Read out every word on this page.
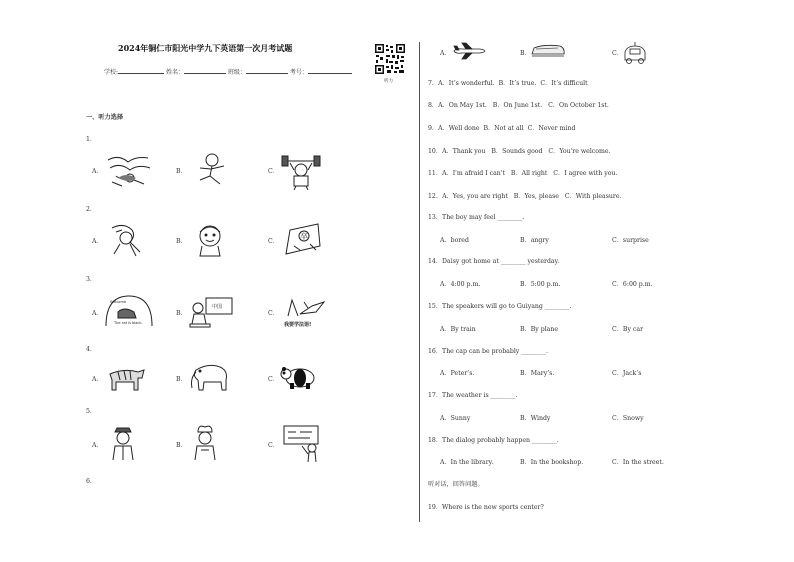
2024年铜仁市阳光中学九下英语第一次月考试题
学校:	姓名：	班级：	考号：
听力
一、听力选择
1．
A．	B．	C．
2．
A．	B．	C．
卒
3．
A．
Welcome
The cat is black.
B．
中国
C．
我要学法语!
4．
A．	B．	C．
5．
A．	B．	C．
6．
A．	B．	C．
7．A．It’s wonderful. B．It’s true. C．It’s difficult
8．A．On May 1st. B．On June 1st. C．On October 1st.
9．A．Well done B．Not at all C．Never mind
10．A．Thank you B．Sounds good C．You're welcome.
11．A．I'm afraid I can't B．All right C．I agree with you.
12．A．Yes, you are right B．Yes, please C．With pleasure.
13．The boy may feel ________.
A．bored	B．angry	C．surprise
14．Daisy got home at ________ yesterday.
A．4:00 p.m.	B．5:00 p.m.	C．6:00 p.m.
15．The speakers will go to Guiyang ________.
A．By train	B．By plane	C．By car
16．The cap can be probably ________.
A．Peter’s.	B．Mary’s.	C．Jack’s
17．The weather is ________.
A．Sunny	B．Windy	C．Snowy
18．The dialog probably happen ________.
A．In the library.	B．In the bookshop.	C．In the street.
听对话，回答问题。
19．Where is the new sports center?
